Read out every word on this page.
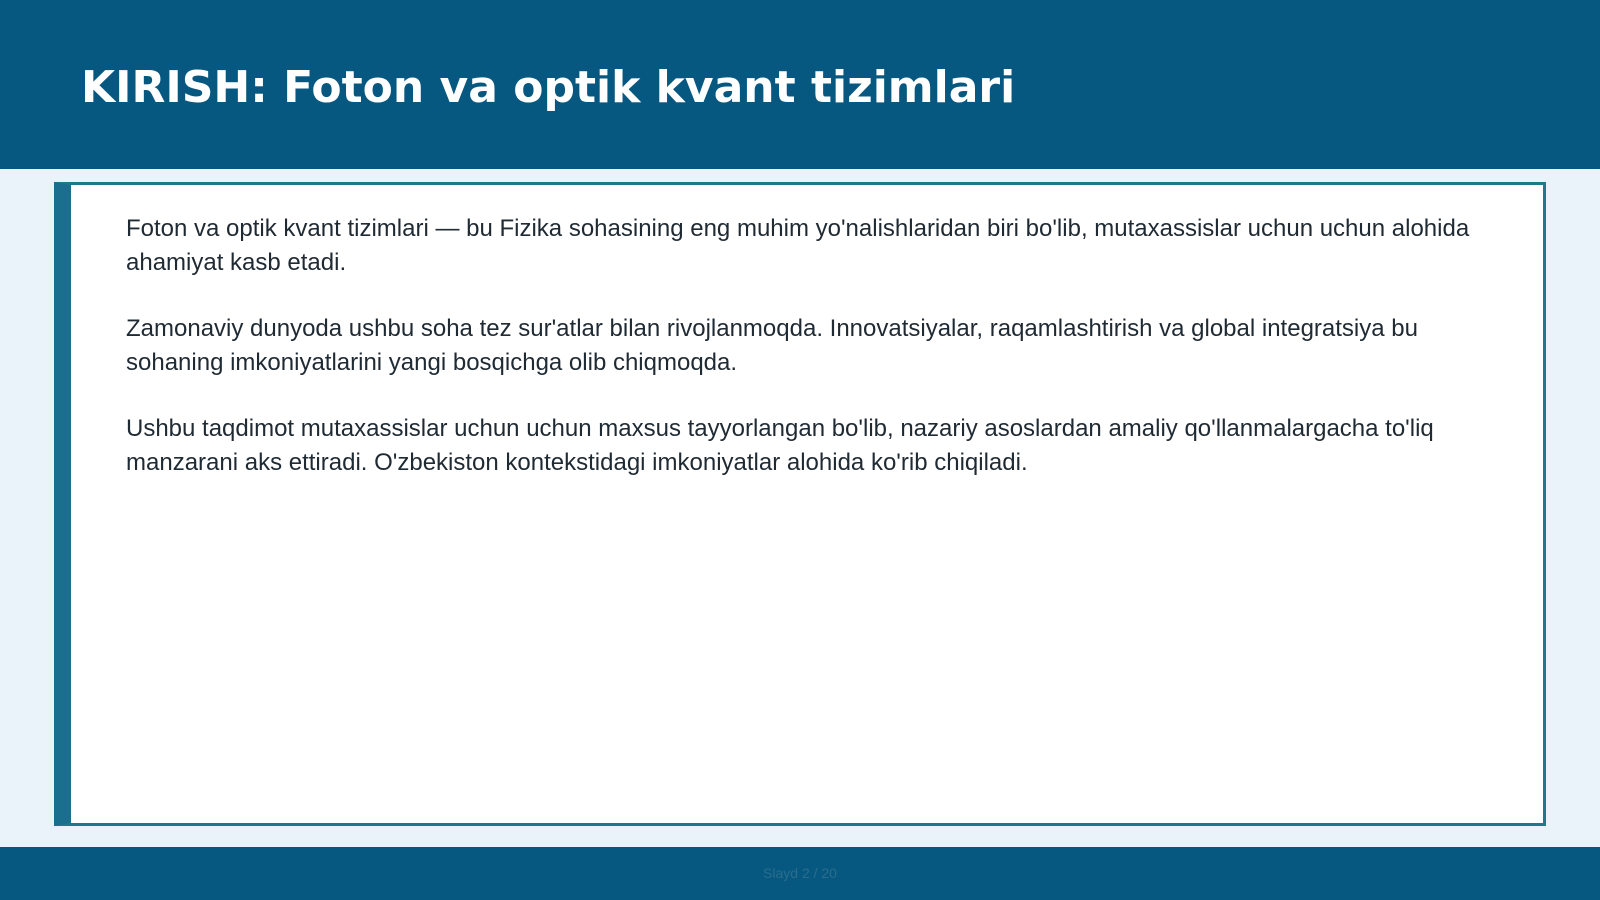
KIRISH: Foton va optik kvant tizimlari

Foton va optik kvant tizimlari — bu Fizika sohasining eng muhim yo'nalishlaridan biri bo'lib, mutaxassislar uchun uchun alohida ahamiyat kasb etadi.

Zamonaviy dunyoda ushbu soha tez sur'atlar bilan rivojlanmoqda. Innovatsiyalar, raqamlashtirish va global integratsiya bu sohaning imkoniyatlarini yangi bosqichga olib chiqmoqda.

Ushbu taqdimot mutaxassislar uchun uchun maxsus tayyorlangan bo'lib, nazariy asoslardan amaliy qo'llanmalargacha to'liq manzarani aks ettiradi. O'zbekiston kontekstidagi imkoniyatlar alohida ko'rib chiqiladi.

Slayd 2 / 20
